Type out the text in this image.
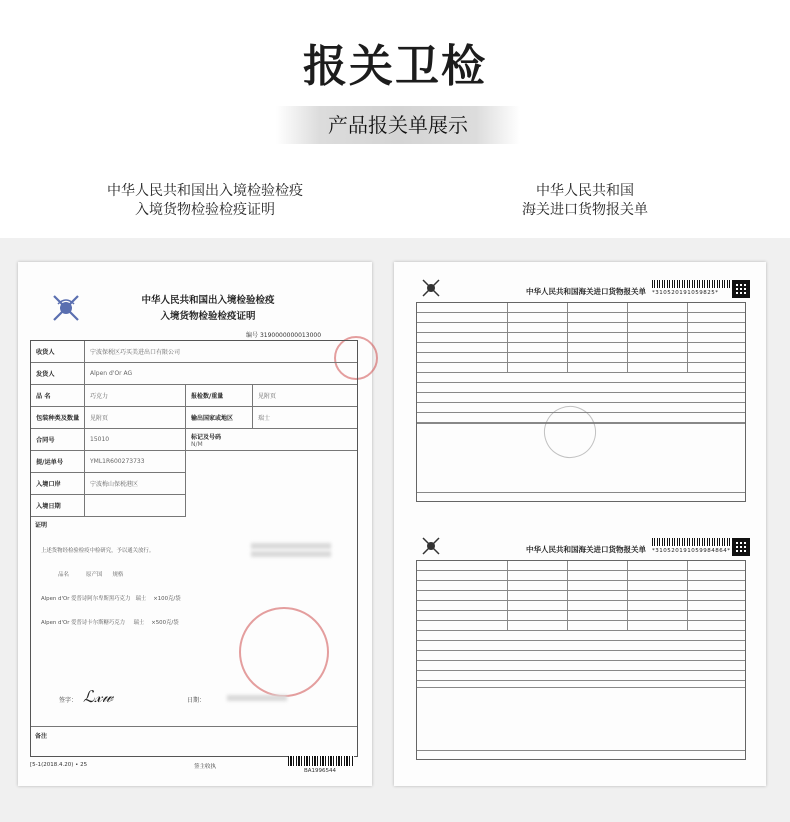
报关卫检
产品报关单展示
中华人民共和国出入境检验检疫
入境货物检验检疫证明
中华人民共和国
海关进口货物报关单
中华人民共和国出入境检验检疫
入境货物检验检疫证明
编号 3190000000013000
收货人	宁波保税区巧买美进出口有限公司
发货人	Alpen d'Or AG
品 名	巧克力	报检数/重量	见附页
包装种类及数量	见附页	输出国家或地区	瑞士
合同号	15010	标记及号码
N/M
提/运单号	YML1R600273733
入境口岸	宁波梅山保税港区
入境日期
证明

上述货物经检验检疫中检研究，予以通关放行。

品名          原产国      规格

Alpen d'Or 爱普诗阿尔卑斯黑巧克力   瑞士    ×100克/袋

Alpen d'Or 爱普诗卡尔斯糖巧克力     瑞士    ×500克/袋

签字： ℒ𝓍𝓌	日期：
备注
[5-1(2018.4.20) • 25	签主收执
BA1996544
中华人民共和国海关进口货物报关单	*310520191059825*
中华人民共和国海关进口货物报关单	*310520191059984864*
